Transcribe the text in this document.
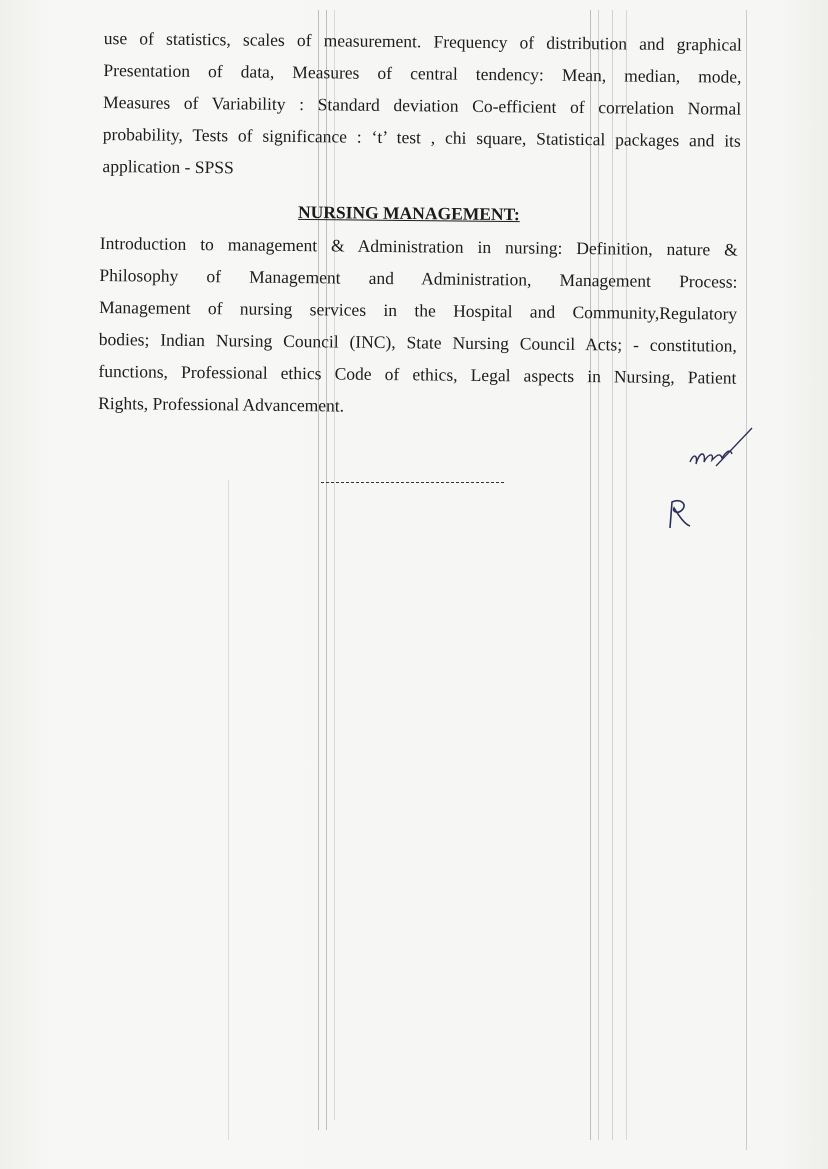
use of statistics, scales of measurement. Frequency of distribution and graphical
Presentation of data, Measures of central tendency: Mean, median, mode,
Measures of Variability : Standard deviation Co-efficient of correlation Normal
probability, Tests of significance : ‘t’ test , chi square, Statistical packages and its
application - SPSS
NURSING MANAGEMENT:
Introduction to management & Administration in nursing: Definition, nature &
Philosophy of Management and Administration, Management Process:
Management of nursing services in the Hospital and Community,Regulatory
bodies; Indian Nursing Council (INC), State Nursing Council Acts; - constitution,
functions, Professional ethics Code of ethics, Legal aspects in Nursing, Patient
Rights, Professional Advancement.
